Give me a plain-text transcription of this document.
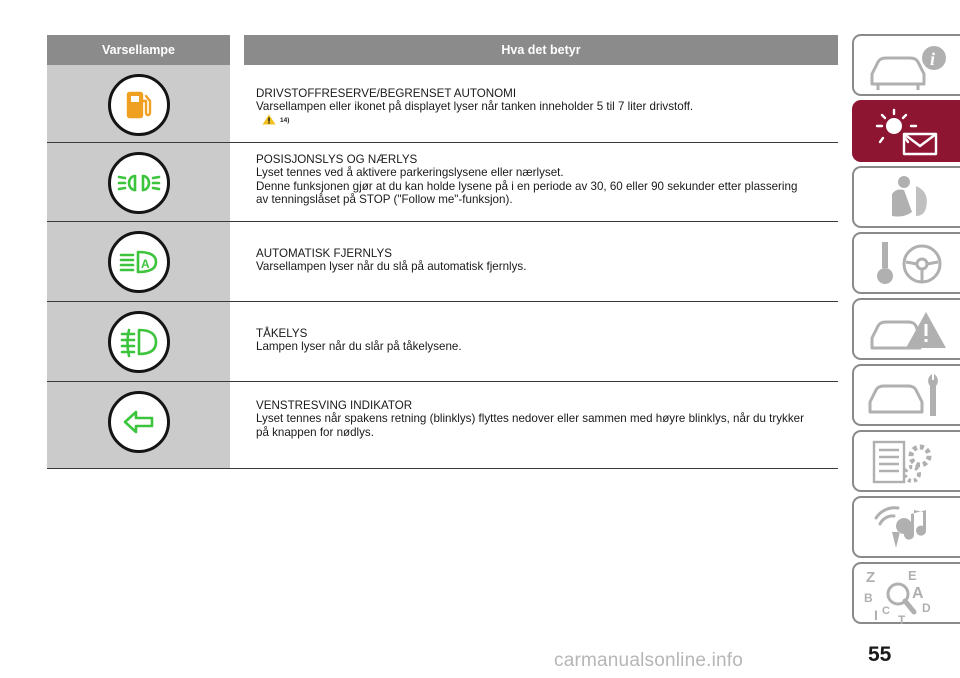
Varsellampe	Hva det betyr
DRIVSTOFFRESERVE/BEGRENSET AUTONOMI
Varsellampen eller ikonet på displayet lyser når tanken inneholder 5 til 7 liter drivstoff.
14)
POSISJONSLYS OG NÆRLYS
Lyset tennes ved å aktivere parkeringslysene eller nærlyset.
Denne funksjonen gjør at du kan holde lysene på i en periode av 30, 60 eller 90 sekunder etter plassering
av tenningslåset på STOP ("Follow me"-funksjon).
A
AUTOMATISK FJERNLYS
Varsellampen lyser når du slå på automatisk fjernlys.
TÅKELYS
Lampen lyser når du slår på tåkelysene.
VENSTRESVING INDIKATOR
Lyset tennes når spakens retning (blinklys) flyttes nedover eller sammen med høyre blinklys, når du trykker
på knappen for nødlys.
i
Z	E
A
B
C	D
I T
55
carmanualsonline.info
